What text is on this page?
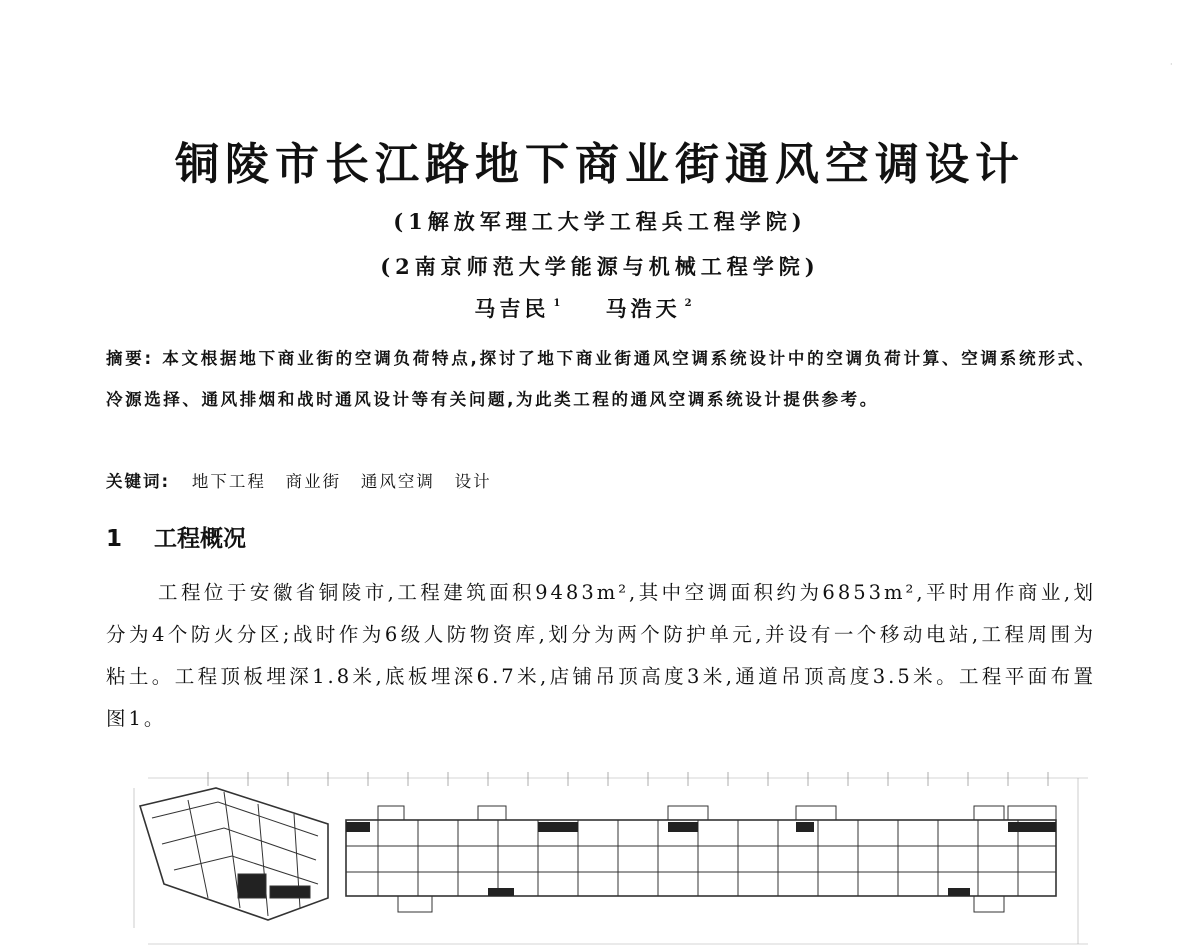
铜陵市长江路地下商业街通风空调设计
(1解放军理工大学工程兵工程学院)
(2南京师范大学能源与机械工程学院)
马吉民 $^1$ 马浩天 $^2$
摘要: 本文根据地下商业街的空调负荷特点,探讨了地下商业街通风空调系统设计中的空调负荷计算、空调系统形式、冷源选择、通风排烟和战时通风设计等有关问题,为此类工程的通风空调系统设计提供参考。
关键词: 地下工程 商业街 通风空调 设计
1 工程概况
工程位于安徽省铜陵市,工程建筑面积9483m²,其中空调面积约为6853m²,平时用作商业,划分为4个防火分区;战时作为6级人防物资库,划分为两个防护单元,并设有一个移动电站,工程周围为粘土。工程顶板埋深1.8米,底板埋深6.7米,店铺吊顶高度3米,通道吊顶高度3.5米。工程平面布置图1。
·
